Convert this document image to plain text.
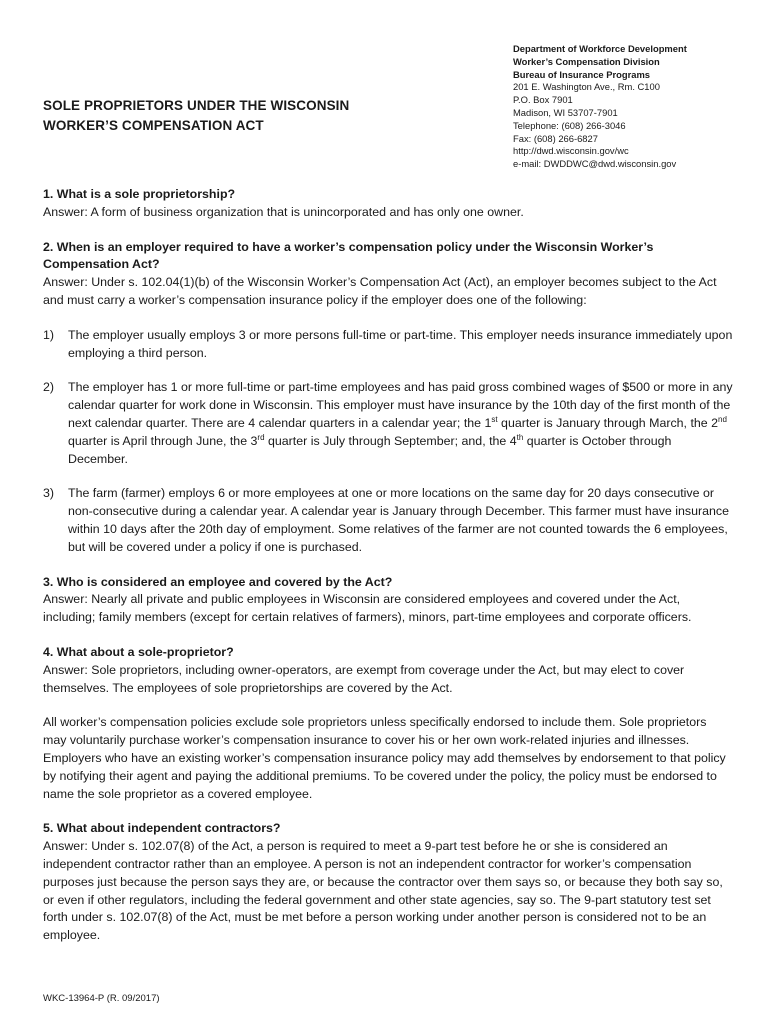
Department of Workforce Development
Worker’s Compensation Division
Bureau of Insurance Programs
201 E. Washington Ave., Rm. C100
P.O. Box 7901
Madison, WI 53707-7901
Telephone: (608) 266-3046
Fax: (608) 266-6827
http://dwd.wisconsin.gov/wc
e-mail: DWDDWC@dwd.wisconsin.gov
SOLE PROPRIETORS UNDER THE WISCONSIN
WORKER’S COMPENSATION ACT

1. What is a sole proprietorship?

Answer: A form of business organization that is unincorporated and has only one owner.

2. When is an employer required to have a worker’s compensation policy under the Wisconsin Worker’s Compensation Act?

Answer: Under s. 102.04(1)(b) of the Wisconsin Worker’s Compensation Act (Act), an employer becomes subject to the Act and must carry a worker’s compensation insurance policy if the employer does one of the following:

1) The employer usually employs 3 or more persons full-time or part-time. This employer needs insurance immediately upon employing a third person.
2) The employer has 1 or more full-time or part-time employees and has paid gross combined wages of $500 or more in any calendar quarter for work done in Wisconsin. This employer must have insurance by the 10th day of the first month of the next calendar quarter. There are 4 calendar quarters in a calendar year; the 1st quarter is January through March, the 2nd quarter is April through June, the 3rd quarter is July through September; and, the 4th quarter is October through December.
3) The farm (farmer) employs 6 or more employees at one or more locations on the same day for 20 days consecutive or non-consecutive during a calendar year. A calendar year is January through December. This farmer must have insurance within 10 days after the 20th day of employment. Some relatives of the farmer are not counted towards the 6 employees, but will be covered under a policy if one is purchased.

3. Who is considered an employee and covered by the Act?

Answer: Nearly all private and public employees in Wisconsin are considered employees and covered under the Act, including; family members (except for certain relatives of farmers), minors, part-time employees and corporate officers.

4. What about a sole-proprietor?

Answer: Sole proprietors, including owner-operators, are exempt from coverage under the Act, but may elect to cover themselves. The employees of sole proprietorships are covered by the Act.

All worker’s compensation policies exclude sole proprietors unless specifically endorsed to include them. Sole proprietors may voluntarily purchase worker’s compensation insurance to cover his or her own work-related injuries and illnesses. Employers who have an existing worker’s compensation insurance policy may add themselves by endorsement to that policy by notifying their agent and paying the additional premiums. To be covered under the policy, the policy must be endorsed to name the sole proprietor as a covered employee.

5. What about independent contractors?

Answer: Under s. 102.07(8) of the Act, a person is required to meet a 9-part test before he or she is considered an independent contractor rather than an employee. A person is not an independent contractor for worker’s compensation purposes just because the person says they are, or because the contractor over them says so, or because they both say so, or even if other regulators, including the federal government and other state agencies, say so. The 9-part statutory test set forth under s. 102.07(8) of the Act, must be met before a person working under another person is considered not to be an employee.

WKC-13964-P (R. 09/2017)
